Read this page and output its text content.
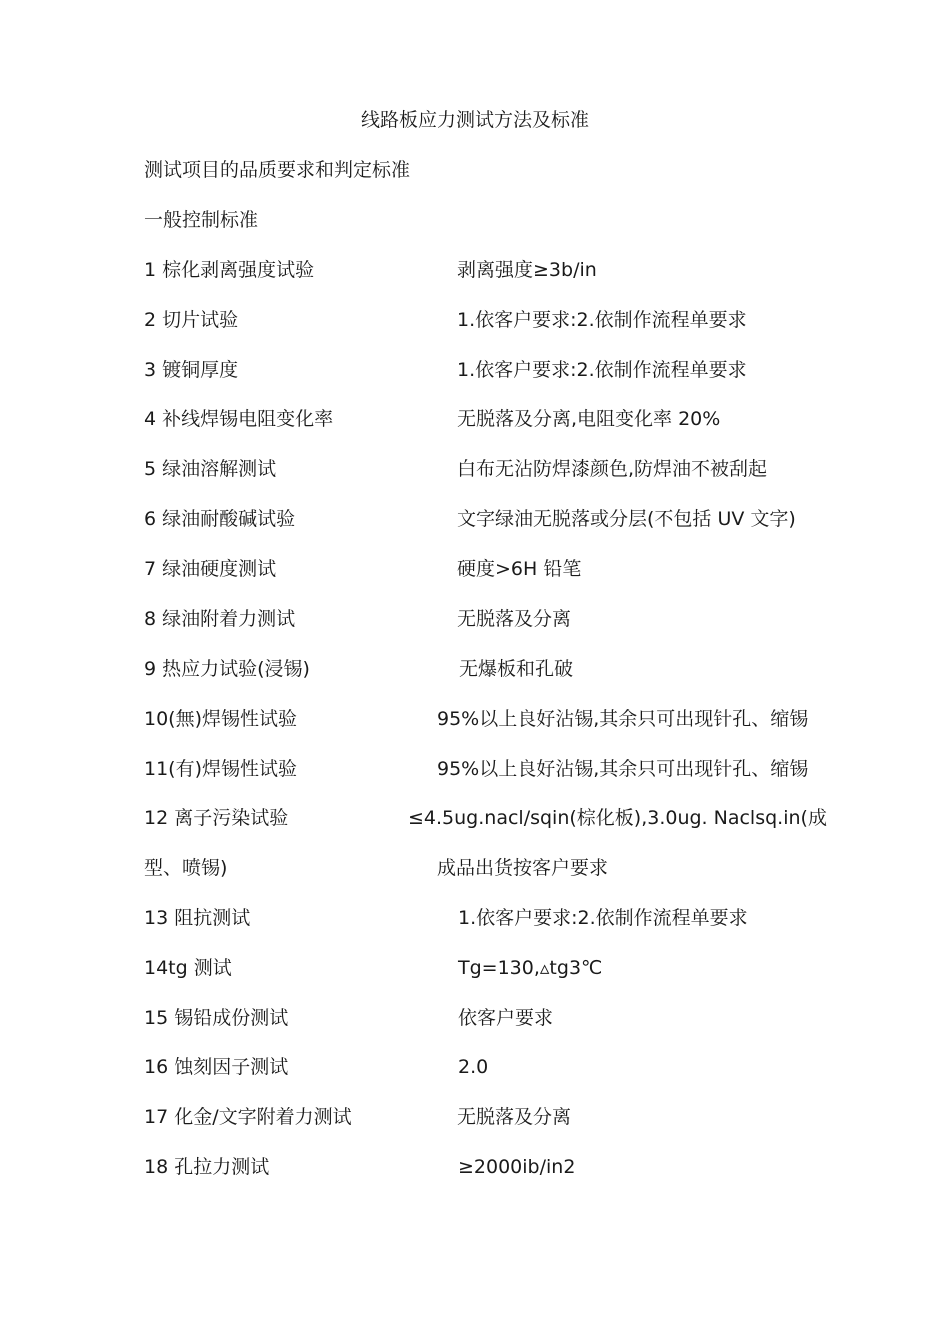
线路板应力测试方法及标准
测试项目的品质要求和判定标准
一般控制标准
1 棕化剥离强度试验	剥离强度≥3b/in
2 切片试验	1.依客户要求:2.依制作流程单要求
3 镀铜厚度	1.依客户要求:2.依制作流程单要求
4 补线焊锡电阻变化率	无脱落及分离,电阻变化率 20%
5 绿油溶解测试	白布无沾防焊漆颜色,防焊油不被刮起
6 绿油耐酸碱试验	文字绿油无脱落或分层(不包括 UV 文字)
7 绿油硬度测试	硬度>6H 铅笔
8 绿油附着力测试	无脱落及分离
9 热应力试验(浸锡)	无爆板和孔破
10(無)焊锡性试验	95%以上良好沾锡,其余只可出现针孔、缩锡
11(有)焊锡性试验	95%以上良好沾锡,其余只可出现针孔、缩锡
12 离子污染试验	≤4.5ug.nacl/sqin(棕化板),3.0ug. Naclsq.in(成
型、喷锡)	成品出货按客户要求
13 阻抗测试	1.依客户要求:2.依制作流程单要求
14tg 测试	Tg=130,▵tg3℃
15 锡铅成份测试	依客户要求
16 蚀刻因子测试	2.0
17 化金/文字附着力测试	无脱落及分离
18 孔拉力测试	≥2000ib/in2
